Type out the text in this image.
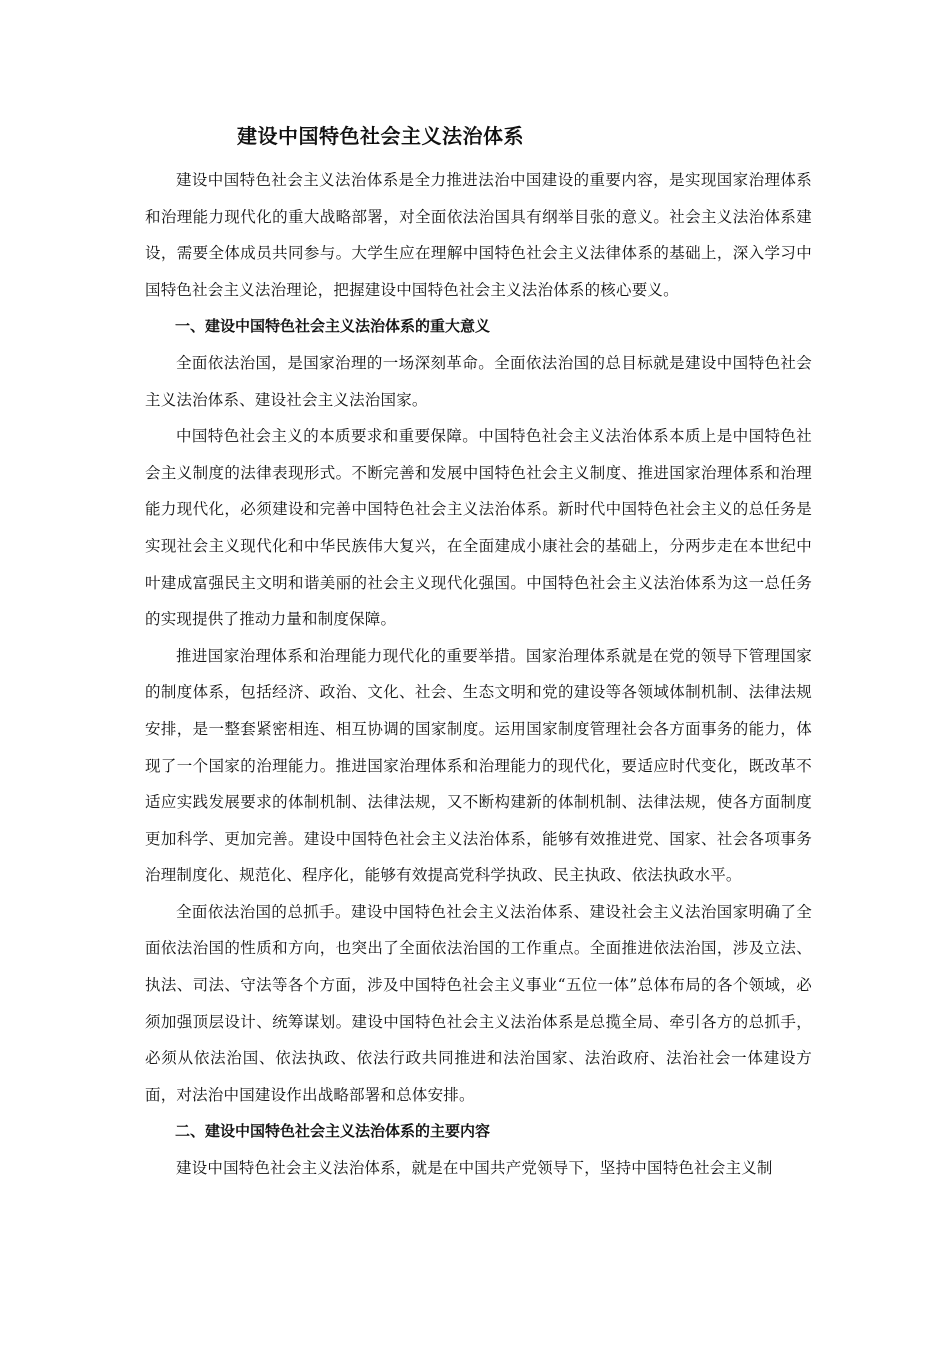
建设中国特色社会主义法治体系

建设中国特色社会主义法治体系是全力推进法治中国建设的重要内容，是实现国家治理体系和治理能力现代化的重大战略部署，对全面依法治国具有纲举目张的意义。社会主义法治体系建设，需要全体成员共同参与。大学生应在理解中国特色社会主义法律体系的基础上，深入学习中国特色社会主义法治理论，把握建设中国特色社会主义法治体系的核心要义。

一、建设中国特色社会主义法治体系的重大意义

全面依法治国，是国家治理的一场深刻革命。全面依法治国的总目标就是建设中国特色社会主义法治体系、建设社会主义法治国家。

中国特色社会主义的本质要求和重要保障。中国特色社会主义法治体系本质上是中国特色社会主义制度的法律表现形式。不断完善和发展中国特色社会主义制度、推进国家治理体系和治理能力现代化，必须建设和完善中国特色社会主义法治体系。新时代中国特色社会主义的总任务是实现社会主义现代化和中华民族伟大复兴，在全面建成小康社会的基础上，分两步走在本世纪中叶建成富强民主文明和谐美丽的社会主义现代化强国。中国特色社会主义法治体系为这一总任务的实现提供了推动力量和制度保障。

推进国家治理体系和治理能力现代化的重要举措。国家治理体系就是在党的领导下管理国家的制度体系，包括经济、政治、文化、社会、生态文明和党的建设等各领域体制机制、法律法规安排，是一整套紧密相连、相互协调的国家制度。运用国家制度管理社会各方面事务的能力，体现了一个国家的治理能力。推进国家治理体系和治理能力的现代化，要适应时代变化，既改革不适应实践发展要求的体制机制、法律法规，又不断构建新的体制机制、法律法规，使各方面制度更加科学、更加完善。建设中国特色社会主义法治体系，能够有效推进党、国家、社会各项事务治理制度化、规范化、程序化，能够有效提高党科学执政、民主执政、依法执政水平。

全面依法治国的总抓手。建设中国特色社会主义法治体系、建设社会主义法治国家明确了全面依法治国的性质和方向，也突出了全面依法治国的工作重点。全面推进依法治国，涉及立法、执法、司法、守法等各个方面，涉及中国特色社会主义事业“五位一体”总体布局的各个领域，必须加强顶层设计、统筹谋划。建设中国特色社会主义法治体系是总揽全局、牵引各方的总抓手，必须从依法治国、依法执政、依法行政共同推进和法治国家、法治政府、法治社会一体建设方面，对法治中国建设作出战略部署和总体安排。

二、建设中国特色社会主义法治体系的主要内容

建设中国特色社会主义法治体系，就是在中国共产党领导下，坚持中国特色社会主义制
